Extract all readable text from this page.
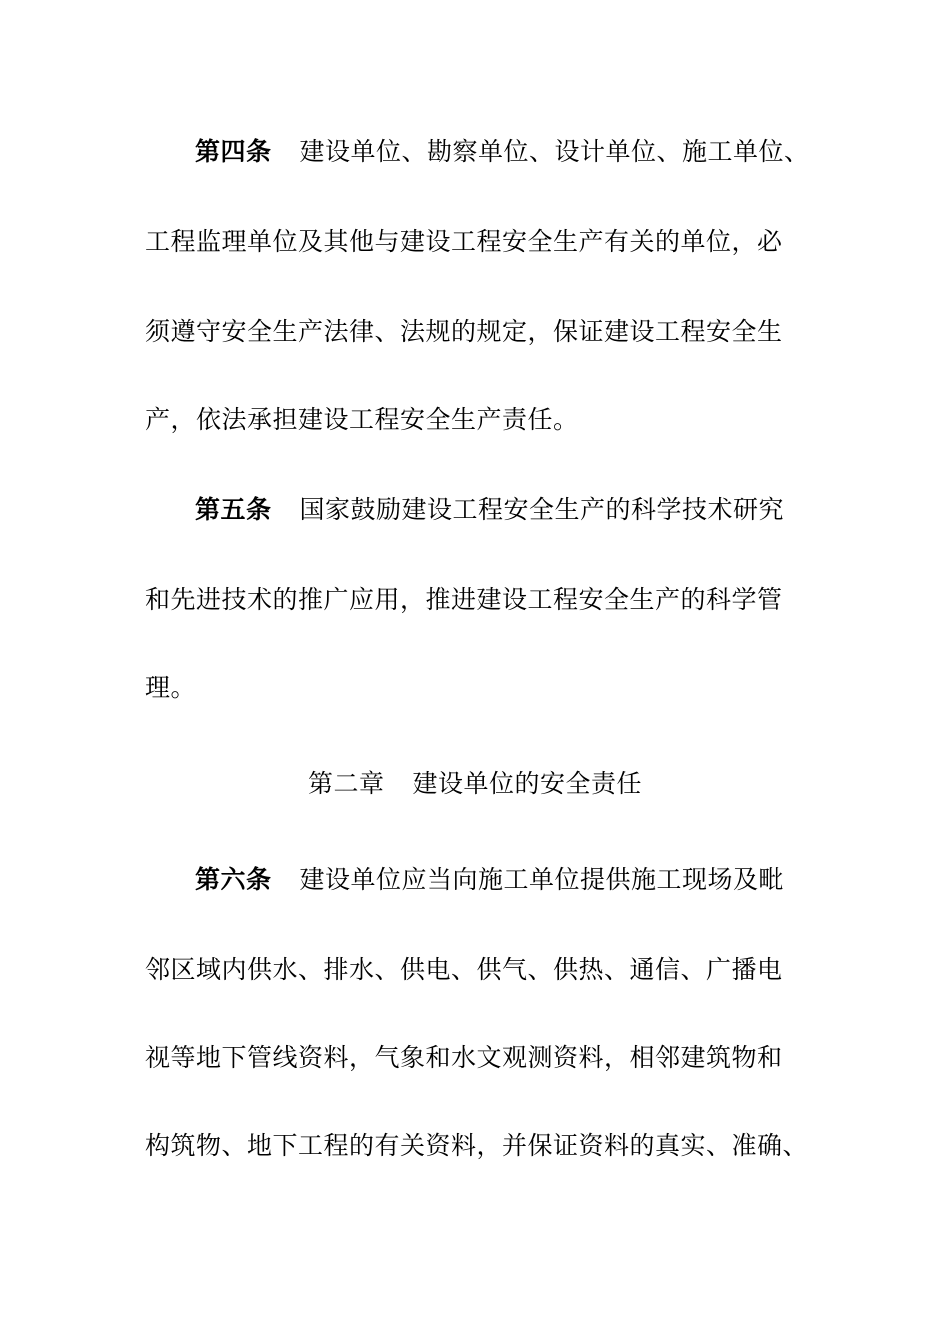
第四条 建设单位、勘察单位、设计单位、施工单位、
工程监理单位及其他与建设工程安全生产有关的单位，必
须遵守安全生产法律、法规的规定，保证建设工程安全生
产，依法承担建设工程安全生产责任。
第五条 国家鼓励建设工程安全生产的科学技术研究
和先进技术的推广应用，推进建设工程安全生产的科学管
理。
第二章 建设单位的安全责任
第六条 建设单位应当向施工单位提供施工现场及毗
邻区域内供水、排水、供电、供气、供热、通信、广播电
视等地下管线资料，气象和水文观测资料，相邻建筑物和
构筑物、地下工程的有关资料，并保证资料的真实、准确、
